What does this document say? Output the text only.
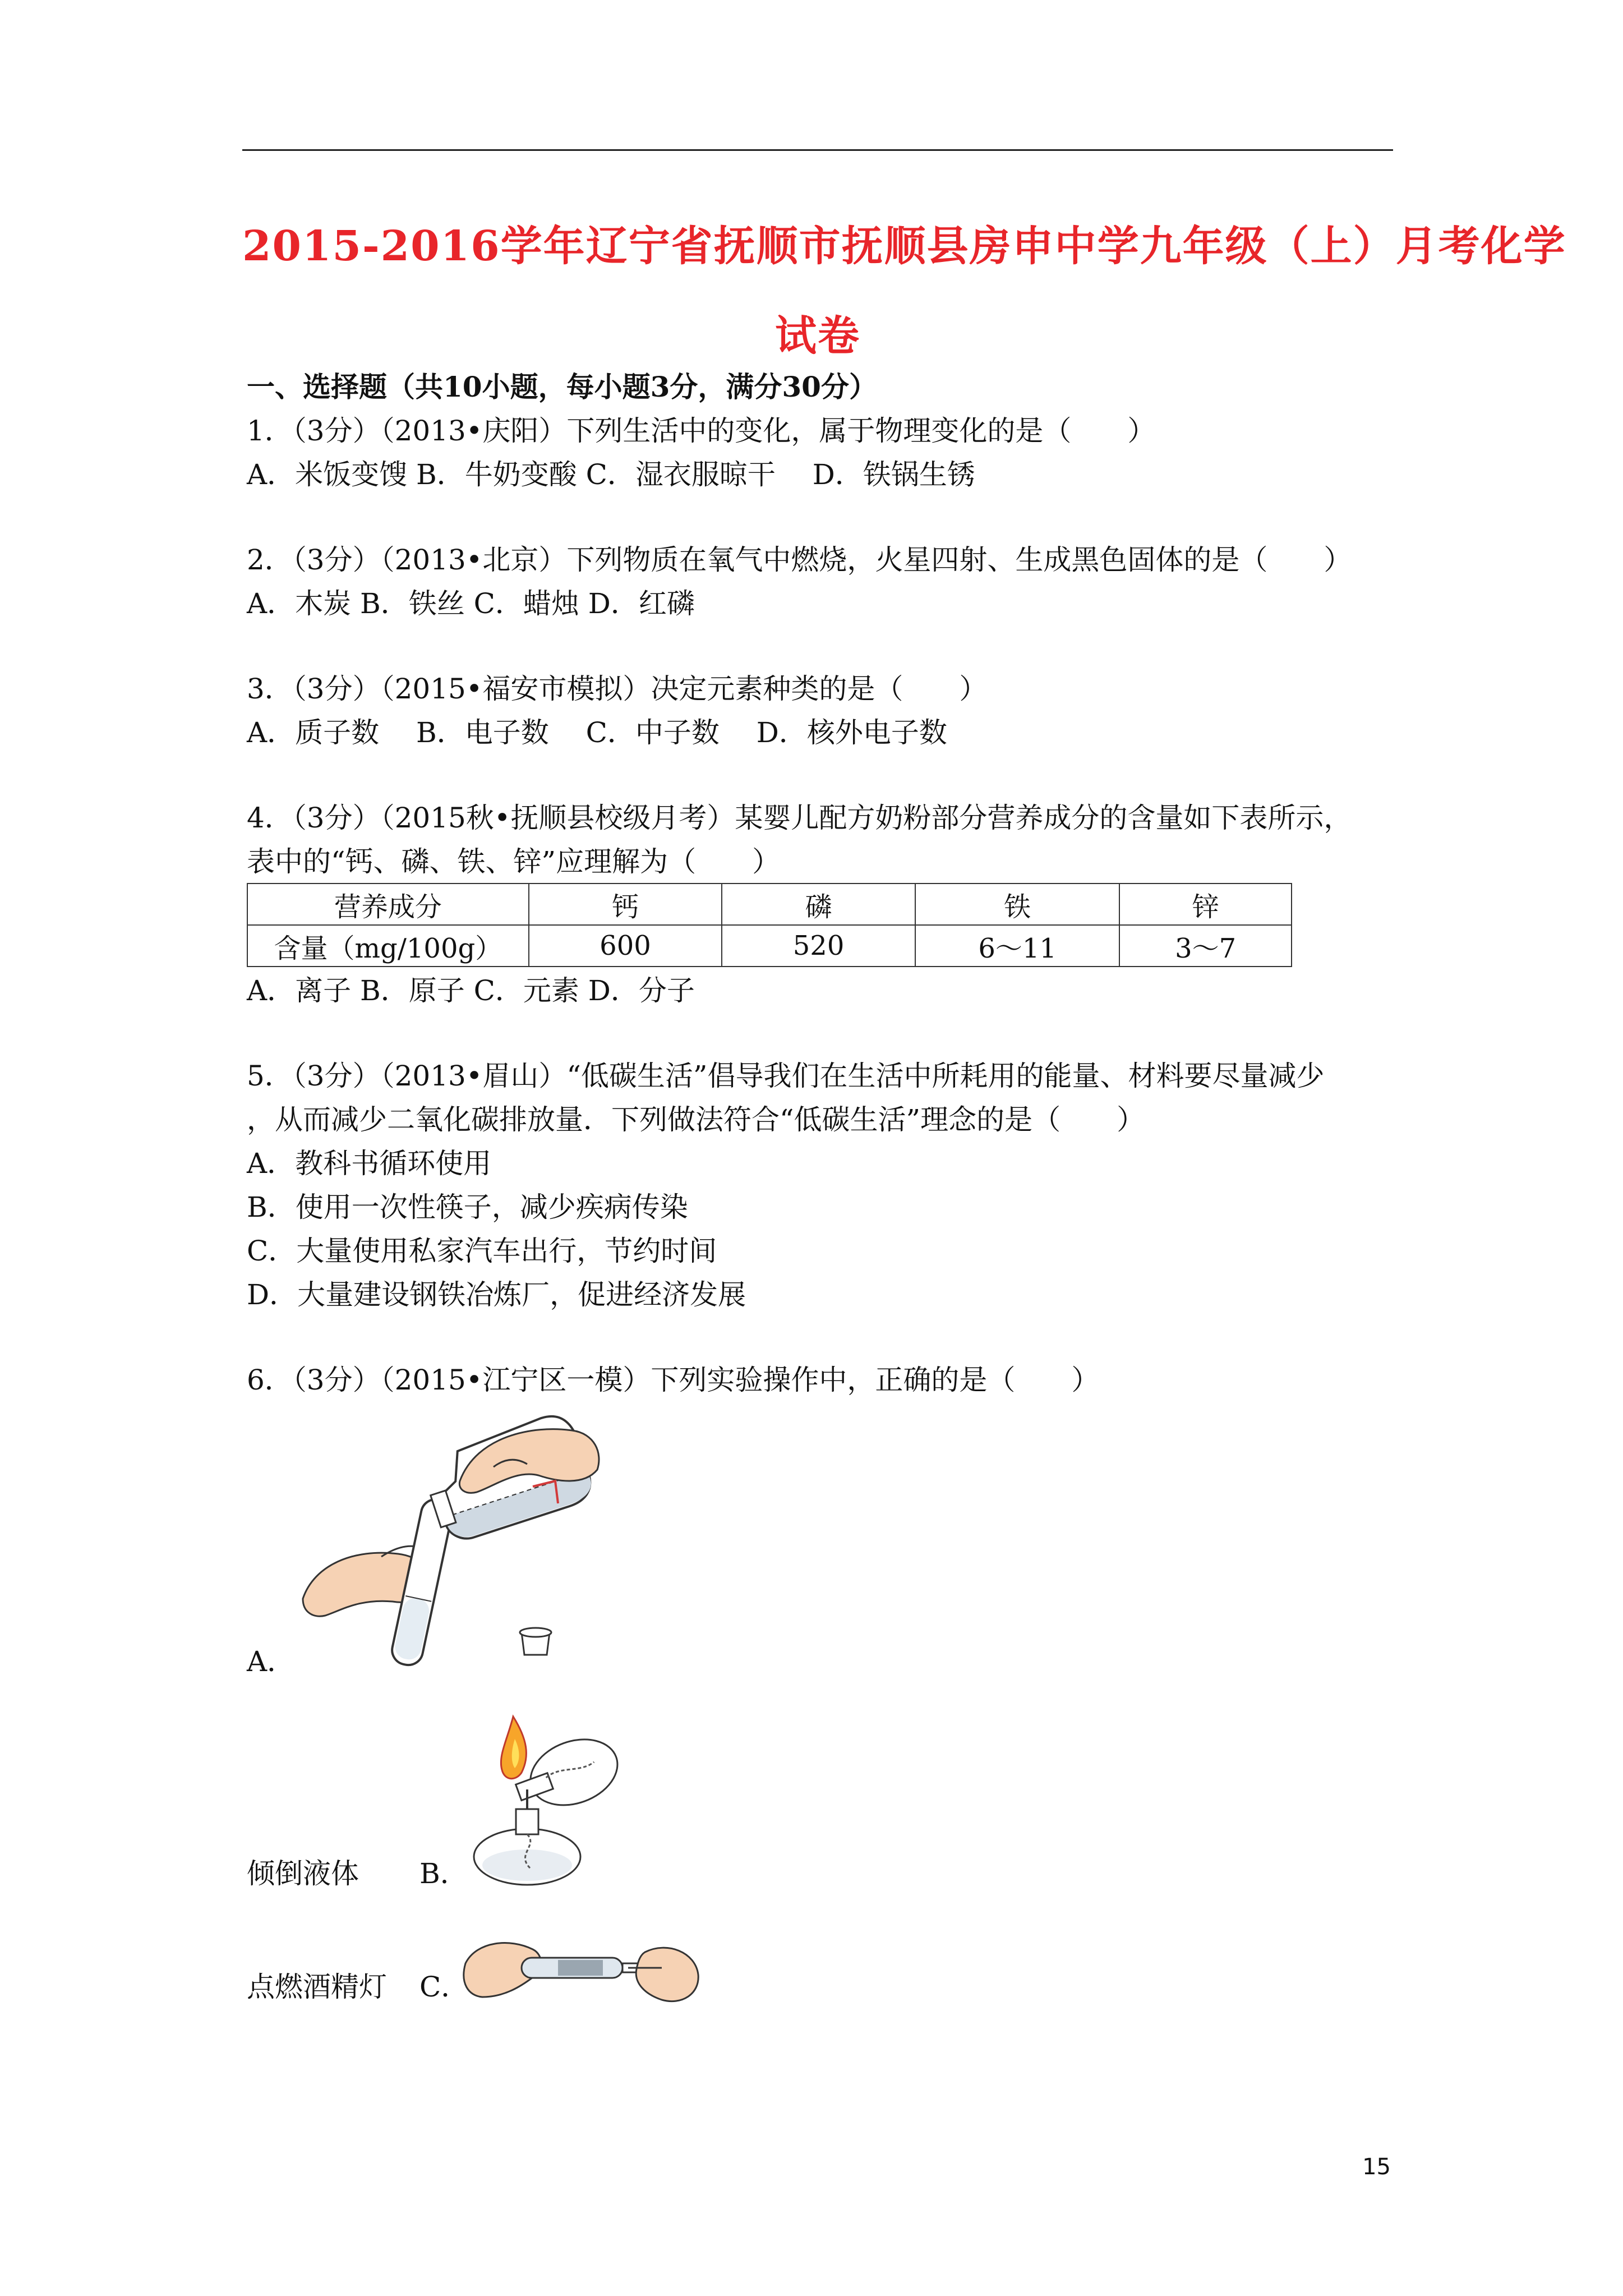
2015-2016学年辽宁省抚顺市抚顺县房申中学九年级（上）月考化学
试卷
一、选择题（共10小题，每小题3分，满分30分）
1．（3分）（2013•庆阳）下列生活中的变化，属于物理变化的是（　　）
A．米饭变馊 B．牛奶变酸 C．湿衣服晾干　 D．铁锅生锈
2．（3分）（2013•北京）下列物质在氧气中燃烧，火星四射、生成黑色固体的是（　　）
A．木炭 B．铁丝 C．蜡烛 D．红磷
3．（3分）（2015•福安市模拟）决定元素种类的是（　　）
A．质子数　 B．电子数　 C．中子数　 D．核外电子数
4．（3分）（2015秋•抚顺县校级月考）某婴儿配方奶粉部分营养成分的含量如下表所示，
表中的“钙、磷、铁、锌”应理解为（　　）
营养成分	钙	磷	铁	锌
含量（mg/100g）	600	520	6～11	3～7
A．离子 B．原子 C．元素 D．分子
5．（3分）（2013•眉山）“低碳生活”倡导我们在生活中所耗用的能量、材料要尽量减少
，从而减少二氧化碳排放量．下列做法符合“低碳生活”理念的是（　　）
A．教科书循环使用
B．使用一次性筷子，减少疾病传染
C．大量使用私家汽车出行，节约时间
D．大量建设钢铁冶炼厂，促进经济发展
6．（3分）（2015•江宁区一模）下列实验操作中，正确的是（　　）
A．
倾倒液体 B．
点燃酒精灯 C．
15
